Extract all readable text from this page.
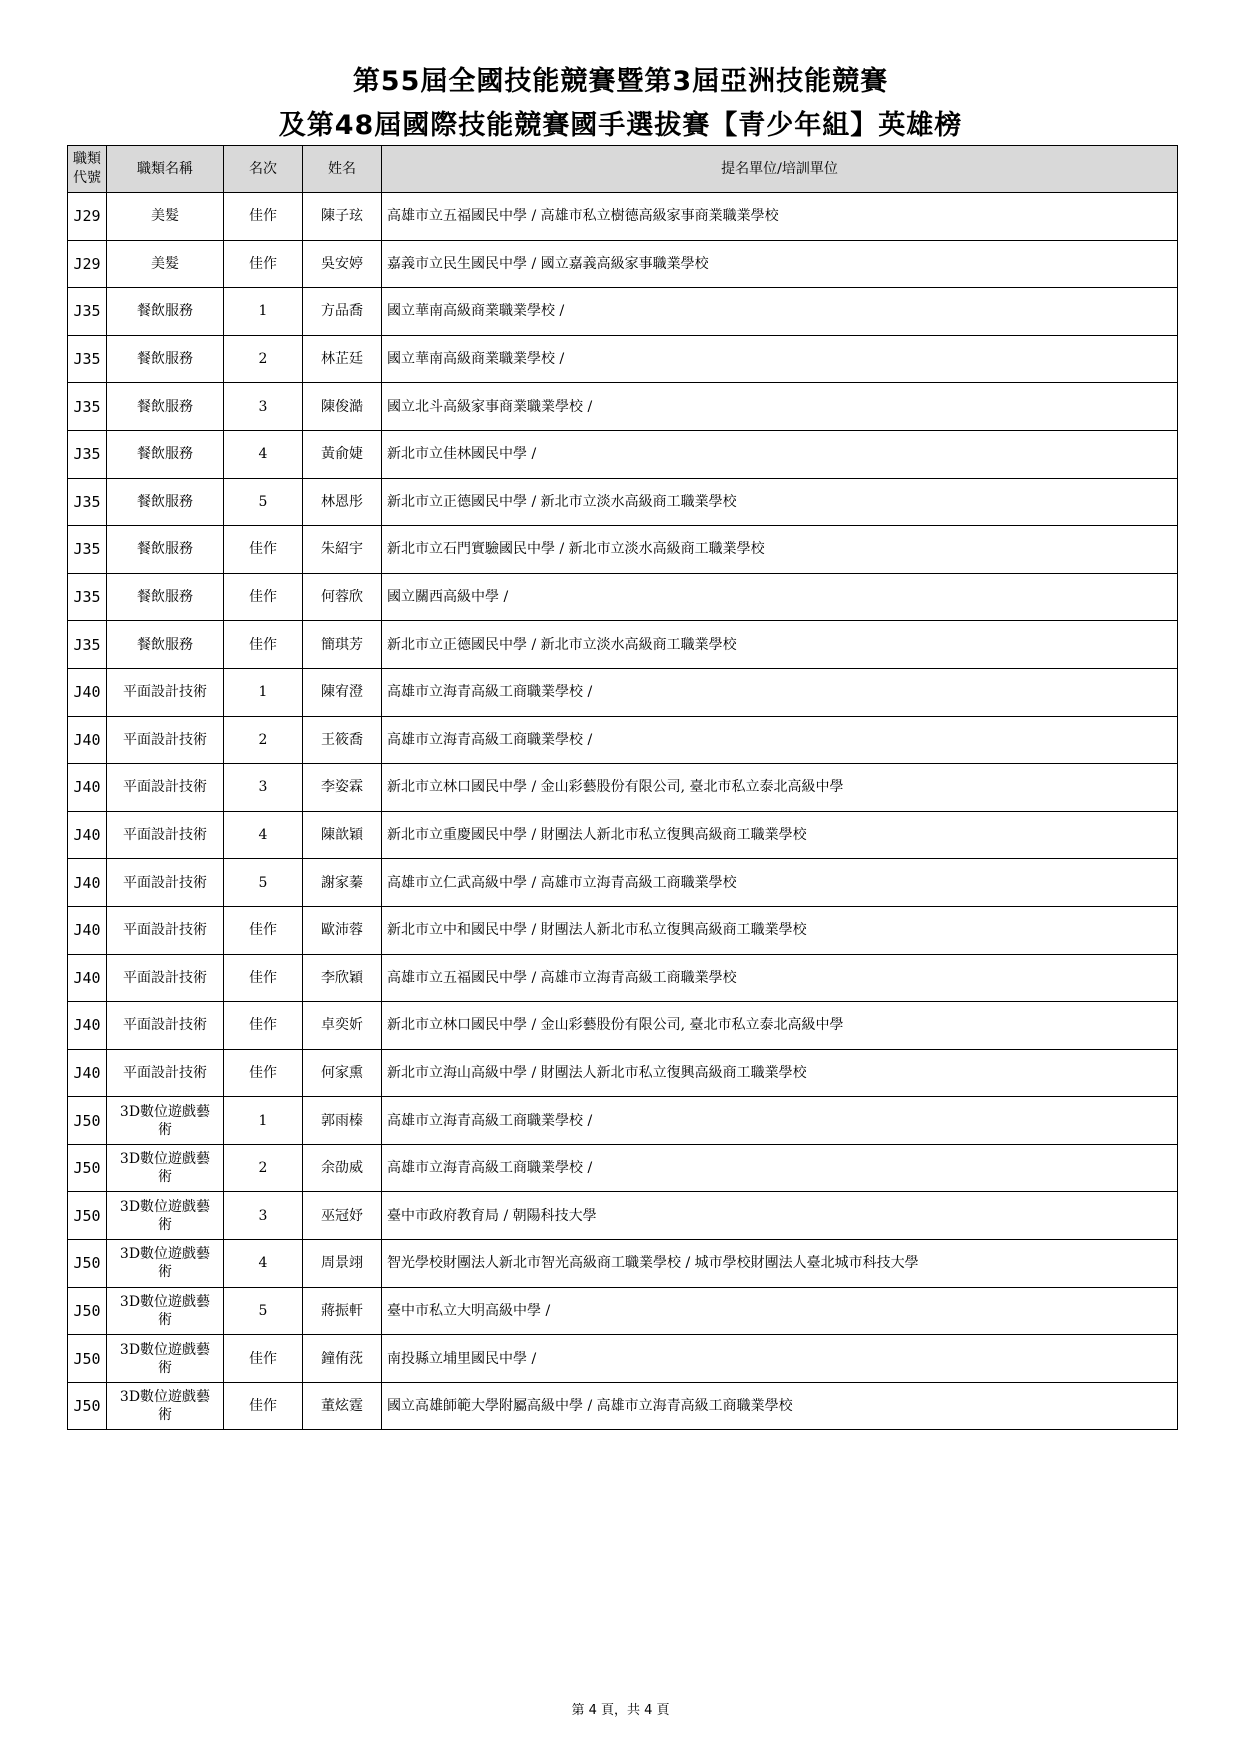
第55屆全國技能競賽暨第3屆亞洲技能競賽
及第48屆國際技能競賽國手選拔賽【青少年組】英雄榜
職類
代號	職類名稱	名次	姓名	提名單位/培訓單位
J29	美髮	佳作	陳子玹	高雄市立五福國民中學 / 高雄市私立樹德高級家事商業職業學校
J29	美髮	佳作	吳安婷	嘉義市立民生國民中學 / 國立嘉義高級家事職業學校
J35	餐飲服務	1	方品喬	國立華南高級商業職業學校 /
J35	餐飲服務	2	林芷廷	國立華南高級商業職業學校 /
J35	餐飲服務	3	陳俊澔	國立北斗高級家事商業職業學校 /
J35	餐飲服務	4	黃俞婕	新北市立佳林國民中學 /
J35	餐飲服務	5	林恩彤	新北市立正德國民中學 / 新北市立淡水高級商工職業學校
J35	餐飲服務	佳作	朱紹宇	新北市立石門實驗國民中學 / 新北市立淡水高級商工職業學校
J35	餐飲服務	佳作	何蓉欣	國立關西高級中學 /
J35	餐飲服務	佳作	簡琪芳	新北市立正德國民中學 / 新北市立淡水高級商工職業學校
J40	平面設計技術	1	陳宥澄	高雄市立海青高級工商職業學校 /
J40	平面設計技術	2	王筱喬	高雄市立海青高級工商職業學校 /
J40	平面設計技術	3	李姿霖	新北市立林口國民中學 / 金山彩藝股份有限公司, 臺北市私立泰北高級中學
J40	平面設計技術	4	陳歆穎	新北市立重慶國民中學 / 財團法人新北市私立復興高級商工職業學校
J40	平面設計技術	5	謝家蓁	高雄市立仁武高級中學 / 高雄市立海青高級工商職業學校
J40	平面設計技術	佳作	歐沛蓉	新北市立中和國民中學 / 財團法人新北市私立復興高級商工職業學校
J40	平面設計技術	佳作	李欣穎	高雄市立五福國民中學 / 高雄市立海青高級工商職業學校
J40	平面設計技術	佳作	卓奕妡	新北市立林口國民中學 / 金山彩藝股份有限公司, 臺北市私立泰北高級中學
J40	平面設計技術	佳作	何家熏	新北市立海山高級中學 / 財團法人新北市私立復興高級商工職業學校
J50	3D數位遊戲藝
術	1	郭雨榛	高雄市立海青高級工商職業學校 /
J50	3D數位遊戲藝
術	2	余劭威	高雄市立海青高級工商職業學校 /
J50	3D數位遊戲藝
術	3	巫冠妤	臺中市政府教育局 / 朝陽科技大學
J50	3D數位遊戲藝
術	4	周景翊	智光學校財團法人新北市智光高級商工職業學校 / 城市學校財團法人臺北城市科技大學
J50	3D數位遊戲藝
術	5	蔣振軒	臺中市私立大明高級中學 /
J50	3D數位遊戲藝
術	佳作	鐘侑莐	南投縣立埔里國民中學 /
J50	3D數位遊戲藝
術	佳作	董炫霆	國立高雄師範大學附屬高級中學 / 高雄市立海青高級工商職業學校
第 4 頁，共 4 頁
